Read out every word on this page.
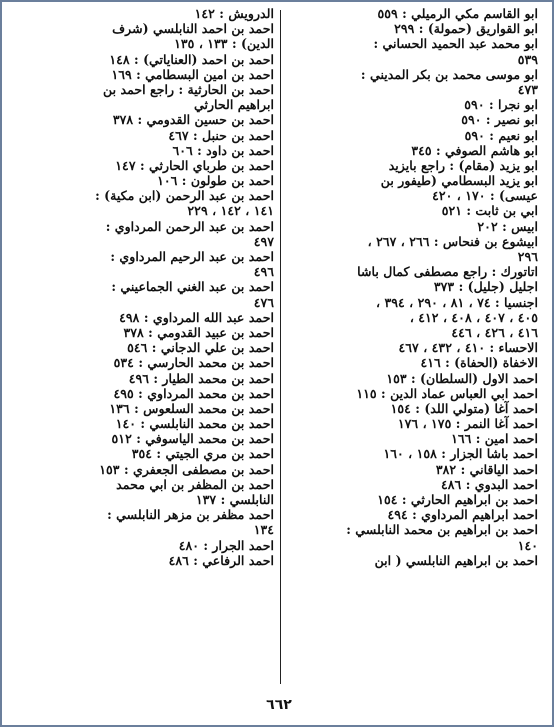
ابو القاسم مكي الرميلي : ٥٥٩
ابو القواريق (حمولة) : ٢٩٩
ابو محمد عبد الحميد الحساني :
٥٣٩
ابو موسى محمد بن بكر المديني :
٤٧٣
ابو نجرا : ٥٩٠
ابو نصير : ٥٩٠
ابو نعيم : ٥٩٠
ابو هاشم الصوفي : ٣٤٥
ابو يزيد (مقام) : راجع بايزيد
ابو يزيد البسطامي (طيفور بن
عيسى) : ١٧٠ ، ٤٢٠
ابي بن ثابت : ٥٢١
ابيس : ٢٠٢
ابيشوع بن فنحاس : ٢٦٦ ، ٢٦٧ ،
٢٩٦
اتاتورك : راجع مصطفى كمال باشا
اجليل (جليل) : ٣٧٣
اجنسيا : ٧٤ ، ٨١ ، ٢٩٠ ، ٣٩٤ ،
٤٠٥ ، ٤٠٧ ، ٤٠٨ ، ٤١٢ ،
٤١٦ ، ٤٢٦ ، ٤٤٦
الاحساء : ٤١٠ ، ٤٣٢ ، ٤٦٧
الاخفاة (الحفاة) : ٤١٦
احمد الاول (السلطان) : ١٥٣
احمد ابي العباس عماد الدين : ١١٥
احمد آغا (متولي اللد) : ١٥٤
احمد آغا النمر : ١٧٥ ، ١٧٦
احمد امين : ١٦٦
احمد باشا الجزار : ١٥٨ ، ١٦٠
احمد الياقاني : ٣٨٢
احمد البدوي : ٤٨٦
احمد بن ابراهيم الحارثي : ١٥٤
احمد ابراهيم المرداوي : ٤٩٤
احمد بن ابراهيم بن محمد النابلسي :
١٤٠
احمد بن ابراهيم النابلسي ( ابن
الدرويش : ١٤٢
احمد بن احمد النابلسي (شرف
الدين) : ١٣٣ ، ١٣٥
احمد بن احمد (العناياتي) : ١٤٨
احمد بن امين البسطامي : ١٦٩
احمد بن الحارثية : راجع احمد بن
ابراهيم الحارثي
احمد بن حسين القدومي : ٣٧٨
احمد بن حنبل : ٤٦٧
احمد بن داود : ٦٠٦
احمد بن طرباي الحارثي : ١٤٧
احمد بن طولون : ١٠٦
احمد بن عبد الرحمن (ابن مكية) :
١٤١ ، ١٤٢ ، ٢٢٩
احمد بن عبد الرحمن المرداوي :
٤٩٧
احمد بن عبد الرحيم المرداوي :
٤٩٦
احمد بن عبد الغني الجماعيني :
٤٧٦
احمد عبد الله المرداوي : ٤٩٨
احمد بن عبيد القدومي : ٣٧٨
احمد بن علي الدجاني : ٥٤٦
احمد بن محمد الحارسي : ٥٣٤
احمد بن محمد الطيار : ٤٩٦
احمد بن محمد المرداوي : ٤٩٥
احمد بن محمد السلعوس : ١٣٦
احمد بن محمد النابلسي : ١٤٠
احمد بن محمد الياسوفي : ٥١٢
احمد بن مري الجيتي : ٣٥٤
احمد بن مصطفى الجعفري : ١٥٣
احمد بن المظفر بن ابي محمد
النابلسي : ١٣٧
احمد مظفر بن مزهر النابلسي :
١٣٤
احمد الجرار : ٤٨٠
احمد الرفاعي : ٤٨٦
٦٦٢
